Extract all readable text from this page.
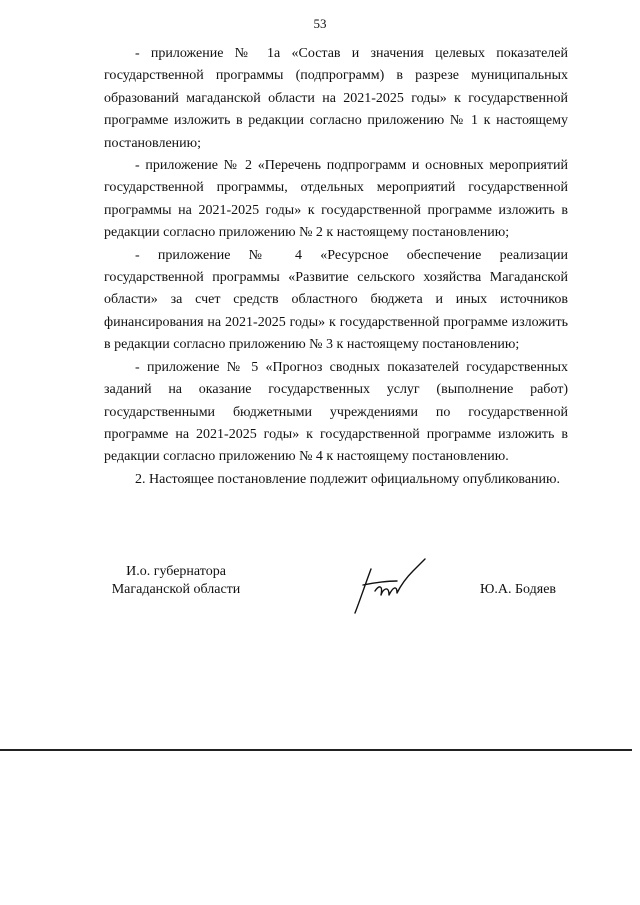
53

- приложение № 1а «Состав и значения целевых показателей государственной программы (подпрограмм) в разрезе муниципальных образований магаданской области на 2021-2025 годы» к государственной программе изложить в редакции согласно приложению № 1 к настоящему постановлению;

- приложение № 2 «Перечень подпрограмм и основных мероприятий государственной программы, отдельных мероприятий государственной программы на 2021-2025 годы» к государственной программе изложить в редакции согласно приложению № 2 к настоящему постановлению;

- приложение № 4 «Ресурсное обеспечение реализации государственной программы «Развитие сельского хозяйства Магаданской области» за счет средств областного бюджета и иных источников финансирования на 2021-2025 годы» к государственной программе изложить в редакции согласно приложению № 3 к настоящему постановлению;

- приложение № 5 «Прогноз сводных показателей государственных заданий на оказание государственных услуг (выполнение работ) государственными бюджетными учреждениями по государственной программе на 2021-2025 годы» к государственной программе изложить в редакции согласно приложению № 4 к настоящему постановлению.

2. Настоящее постановление подлежит официальному опубликованию.

И.о. губернатора
Магаданской области	Ю.А. Бодяев
